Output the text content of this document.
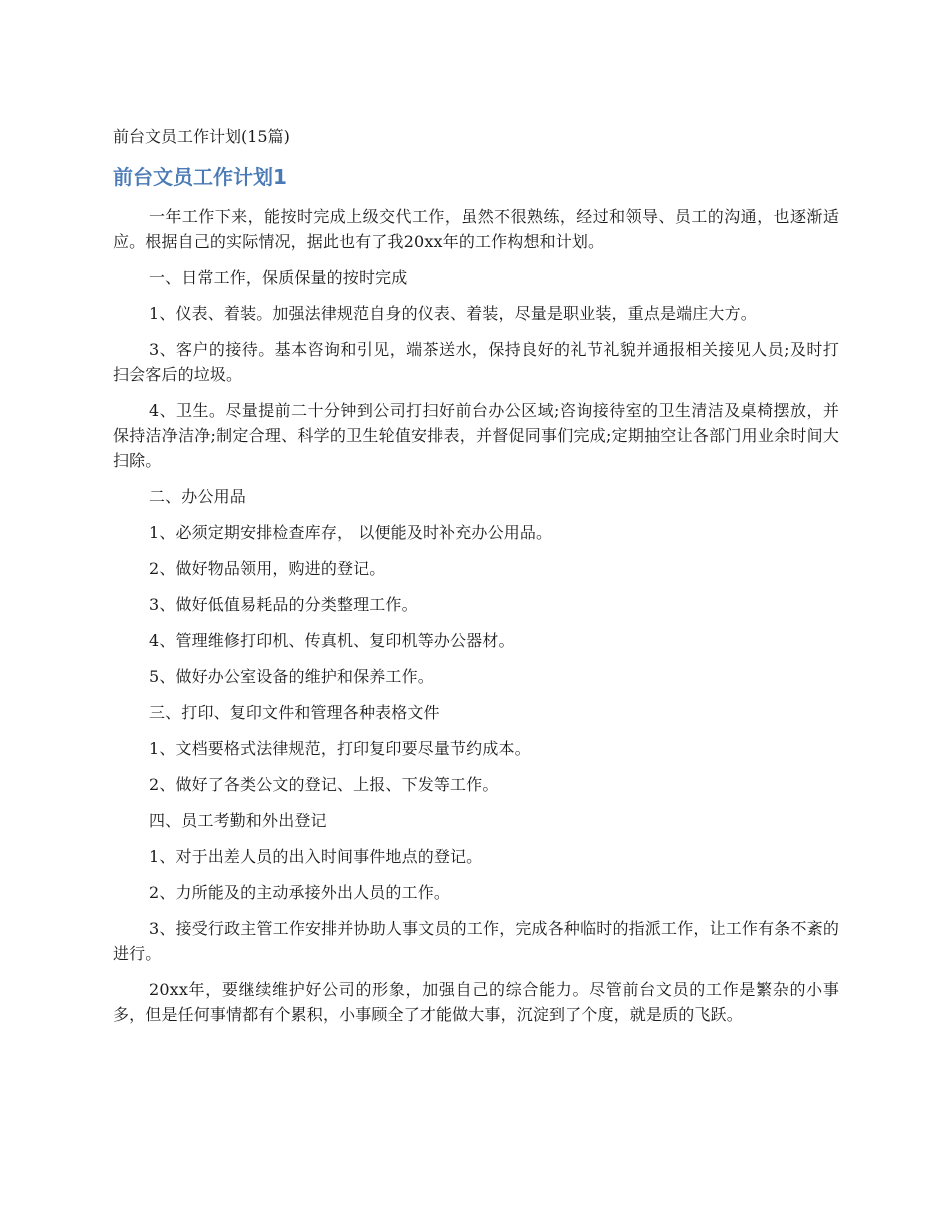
前台文员工作计划(15篇)
前台文员工作计划1

一年工作下来，能按时完成上级交代工作，虽然不很熟练，经过和领导、员工的沟通，也逐渐适应。根据自己的实际情况，据此也有了我20xx年的工作构想和计划。

一、日常工作，保质保量的按时完成

1、仪表、着装。加强法律规范自身的仪表、着装，尽量是职业装，重点是端庄大方。

3、客户的接待。基本咨询和引见，端茶送水，保持良好的礼节礼貌并通报相关接见人员;及时打扫会客后的垃圾。

4、卫生。尽量提前二十分钟到公司打扫好前台办公区域;咨询接待室的卫生清洁及桌椅摆放，并保持洁净洁净;制定合理、科学的卫生轮值安排表，并督促同事们完成;定期抽空让各部门用业余时间大扫除。

二、办公用品

1、必须定期安排检查库存， 以便能及时补充办公用品。

2、做好物品领用，购进的登记。

3、做好低值易耗品的分类整理工作。

4、管理维修打印机、传真机、复印机等办公器材。

5、做好办公室设备的维护和保养工作。

三、打印、复印文件和管理各种表格文件

1、文档要格式法律规范，打印复印要尽量节约成本。

2、做好了各类公文的登记、上报、下发等工作。

四、员工考勤和外出登记

1、对于出差人员的出入时间事件地点的登记。

2、力所能及的主动承接外出人员的工作。

3、接受行政主管工作安排并协助人事文员的工作，完成各种临时的指派工作，让工作有条不紊的进行。

20xx年，要继续维护好公司的形象，加强自己的综合能力。尽管前台文员的工作是繁杂的小事多，但是任何事情都有个累积，小事顾全了才能做大事，沉淀到了个度，就是质的飞跃。
